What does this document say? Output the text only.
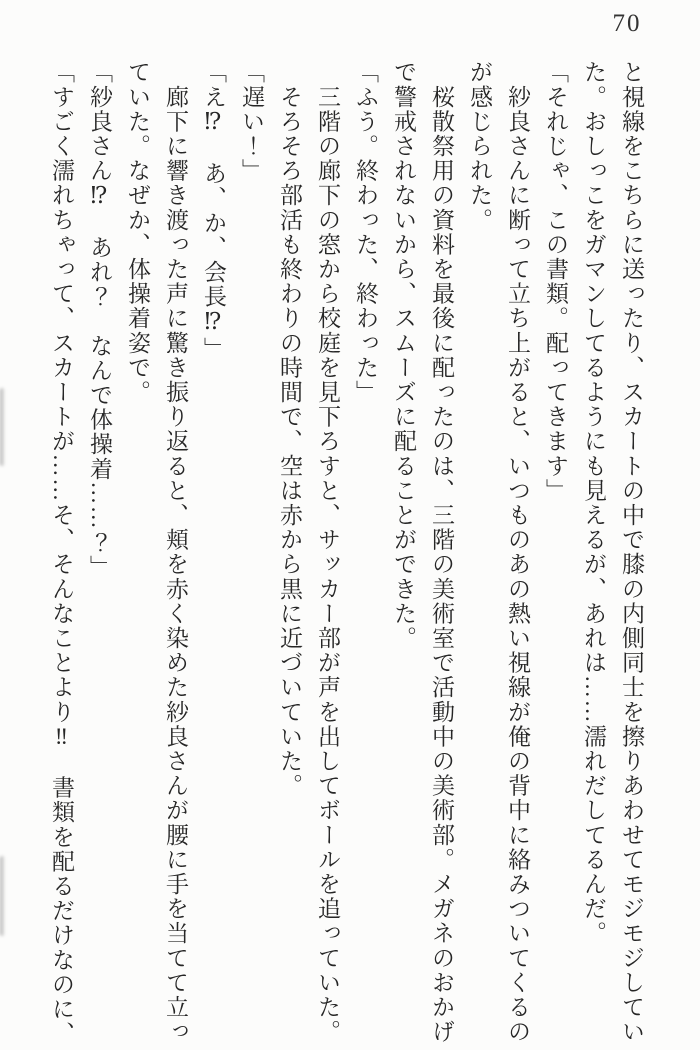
70

と視線をこちらに送ったり、スカートの中で膝の内側同士を擦りあわせてモジモジしてい

た。おしっこをガマンしてるようにも見えるが、あれは……濡れだしてるんだ。

「それじゃ、この書類。配ってきます」

　紗良さんに断って立ち上がると、いつものあの熱い視線が俺の背中に絡みついてくるの

が感じられた。

　桜散祭用の資料を最後に配ったのは、三階の美術室で活動中の美術部。メガネのおかげ

で警戒されないから、スムーズに配ることができた。

「ふう。終わった、終わった」

　三階の廊下の窓から校庭を見下ろすと、サッカー部が声を出してボールを追っていた。

　そろそろ部活も終わりの時間で、空は赤から黒に近づいていた。

「遅い！」

「え⁉　あ、か、会長⁉」

　廊下に響き渡った声に驚き振り返ると、頬を赤く染めた紗良さんが腰に手を当てて立っ

ていた。なぜか、体操着姿で。

「紗良さん⁉　あれ？　なんで体操着……？」

「すごく濡れちゃって、スカートが……そ、そんなことより‼　書類を配るだけなのに、
